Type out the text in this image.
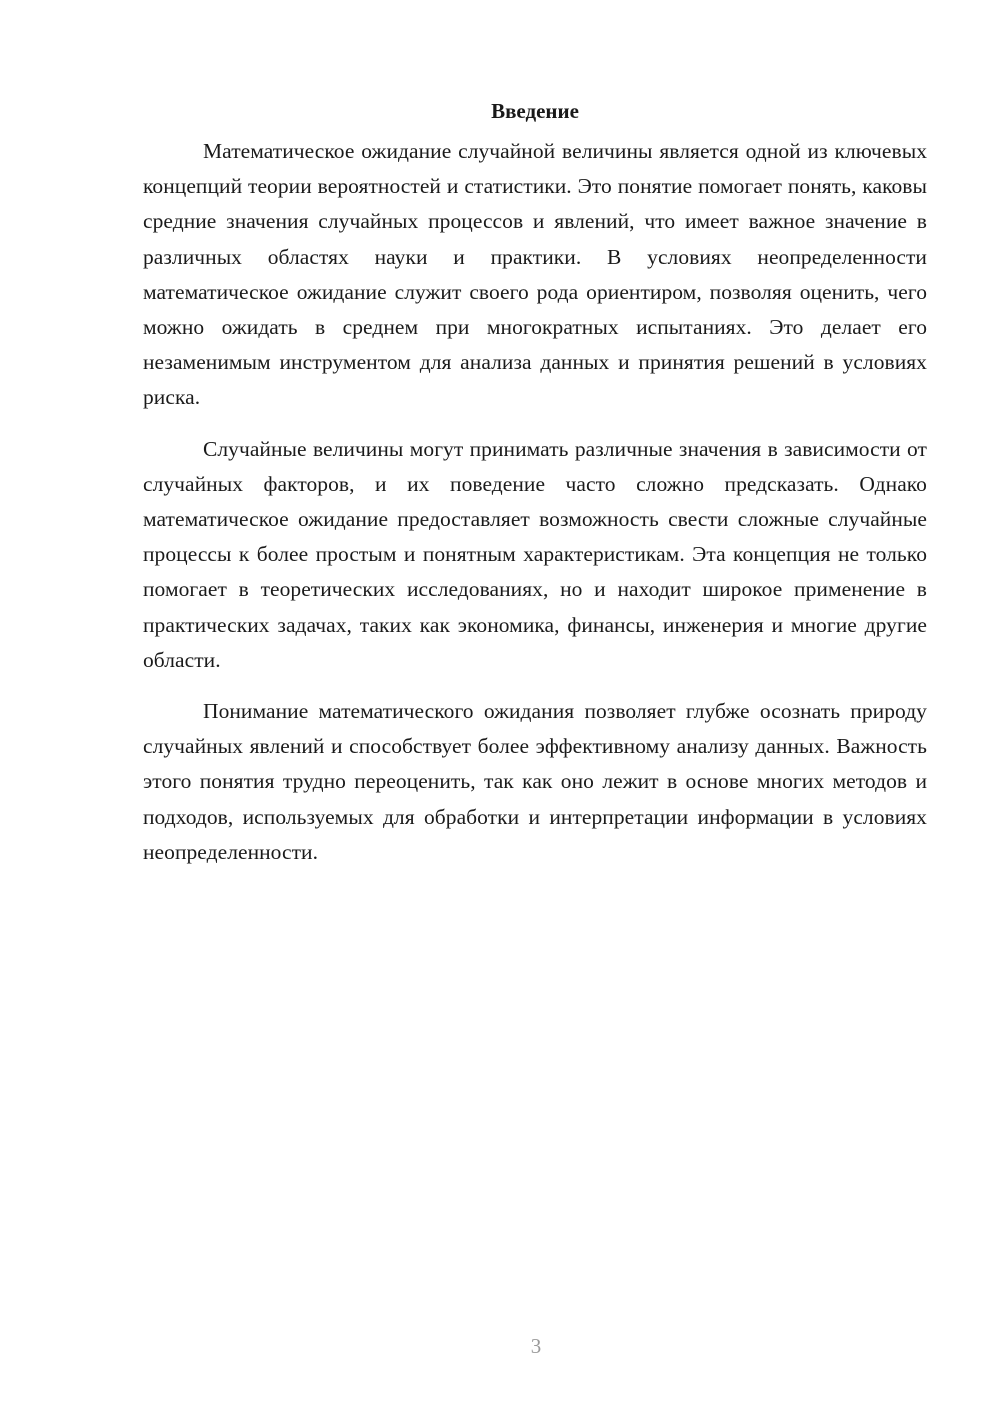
Введение

Математическое ожидание случайной величины является одной из ключевых концепций теории вероятностей и статистики. Это понятие помогает понять, каковы средние значения случайных процессов и явлений, что имеет важное значение в различных областях науки и практики. В условиях неопределенности математическое ожидание служит своего рода ориентиром, позволяя оценить, чего можно ожидать в среднем при многократных испытаниях. Это делает его незаменимым инструментом для анализа данных и принятия решений в условиях риска.

Случайные величины могут принимать различные значения в зависимости от случайных факторов, и их поведение часто сложно предсказать. Однако математическое ожидание предоставляет возможность свести сложные случайные процессы к более простым и понятным характеристикам. Эта концепция не только помогает в теоретических исследованиях, но и находит широкое применение в практических задачах, таких как экономика, финансы, инженерия и многие другие области.

Понимание математического ожидания позволяет глубже осознать природу случайных явлений и способствует более эффективному анализу данных. Важность этого понятия трудно переоценить, так как оно лежит в основе многих методов и подходов, используемых для обработки и интерпретации информации в условиях неопределенности.

3
